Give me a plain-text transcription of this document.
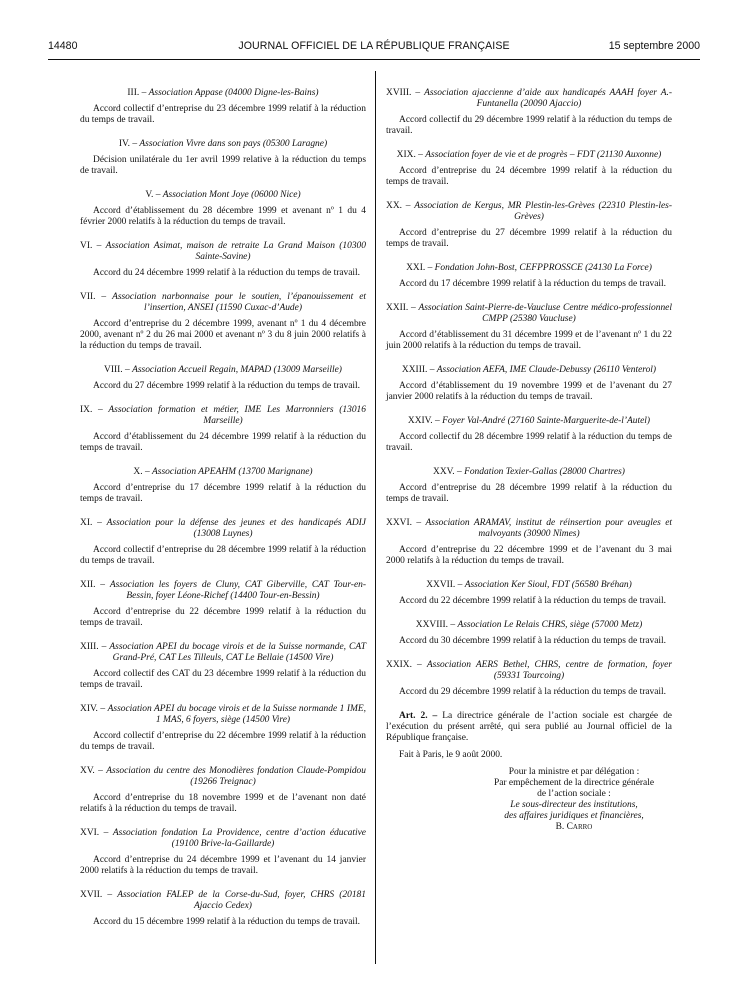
14480	JOURNAL OFFICIEL DE LA RÉPUBLIQUE FRANÇAISE	15 septembre 2000

III. – Association Appase (04000 Digne-les-Bains)

Accord collectif d’entreprise du 23 décembre 1999 relatif à la réduction du temps de travail.

IV. – Association Vivre dans son pays (05300 Laragne)

Décision unilatérale du 1er avril 1999 relative à la réduction du temps de travail.

V. – Association Mont Joye (06000 Nice)

Accord d’établissement du 28 décembre 1999 et avenant nº 1 du 4 février 2000 relatifs à la réduction du temps de travail.

VI. – Association Asimat, maison de retraite La Grand Maison (10300 Sainte-Savine)

Accord du 24 décembre 1999 relatif à la réduction du temps de travail.

VII. – Association narbonnaise pour le soutien, l’épanouissement et l’insertion, ANSEI (11590 Cuxac-d’Aude)

Accord d’entreprise du 2 décembre 1999, avenant nº 1 du 4 décembre 2000, avenant nº 2 du 26 mai 2000 et avenant nº 3 du 8 juin 2000 relatifs à la réduction du temps de travail.

VIII. – Association Accueil Regain, MAPAD (13009 Marseille)

Accord du 27 décembre 1999 relatif à la réduction du temps de travail.

IX. – Association formation et métier, IME Les Marronniers (13016 Marseille)

Accord d’établissement du 24 décembre 1999 relatif à la réduction du temps de travail.

X. – Association APEAHM (13700 Marignane)

Accord d’entreprise du 17 décembre 1999 relatif à la réduction du temps de travail.

XI. – Association pour la défense des jeunes et des handicapés ADIJ (13008 Luynes)

Accord collectif d’entreprise du 28 décembre 1999 relatif à la réduction du temps de travail.

XII. – Association les foyers de Cluny, CAT Giberville, CAT Tour-en-Bessin, foyer Léone-Richef (14400 Tour-en-Bessin)

Accord d’entreprise du 22 décembre 1999 relatif à la réduction du temps de travail.

XIII. – Association APEI du bocage virois et de la Suisse normande, CAT Grand-Pré, CAT Les Tilleuls, CAT Le Bellaie (14500 Vire)

Accord collectif des CAT du 23 décembre 1999 relatif à la réduction du temps de travail.

XIV. – Association APEI du bocage virois et de la Suisse normande 1 IME, 1 MAS, 6 foyers, siège (14500 Vire)

Accord collectif d’entreprise du 22 décembre 1999 relatif à la réduction du temps de travail.

XV. – Association du centre des Monodières fondation Claude-Pompidou (19266 Treignac)

Accord d’entreprise du 18 novembre 1999 et de l’avenant non daté relatifs à la réduction du temps de travail.

XVI. – Association fondation La Providence, centre d’action éducative (19100 Brive-la-Gaillarde)

Accord d’entreprise du 24 décembre 1999 et l’avenant du 14 janvier 2000 relatifs à la réduction du temps de travail.

XVII. – Association FALEP de la Corse-du-Sud, foyer, CHRS (20181 Ajaccio Cedex)

Accord du 15 décembre 1999 relatif à la réduction du temps de travail.

XVIII. – Association ajaccienne d’aide aux handicapés AAAH foyer A.-Funtanella (20090 Ajaccio)

Accord collectif du 29 décembre 1999 relatif à la réduction du temps de travail.

XIX. – Association foyer de vie et de progrès – FDT (21130 Auxonne)

Accord d’entreprise du 24 décembre 1999 relatif à la réduction du temps de travail.

XX. – Association de Kergus, MR Plestin-les-Grèves (22310 Plestin-les-Grèves)

Accord d’entreprise du 27 décembre 1999 relatif à la réduction du temps de travail.

XXI. – Fondation John-Bost, CEFPPROSSCE (24130 La Force)

Accord du 17 décembre 1999 relatif à la réduction du temps de travail.

XXII. – Association Saint-Pierre-de-Vaucluse Centre médico-professionnel CMPP (25380 Vaucluse)

Accord d’établissement du 31 décembre 1999 et de l’avenant nº 1 du 22 juin 2000 relatifs à la réduction du temps de travail.

XXIII. – Association AEFA, IME Claude-Debussy (26110 Venterol)

Accord d’établissement du 19 novembre 1999 et de l’avenant du 27 janvier 2000 relatifs à la réduction du temps de travail.

XXIV. – Foyer Val-André (27160 Sainte-Marguerite-de-l’Autel)

Accord collectif du 28 décembre 1999 relatif à la réduction du temps de travail.

XXV. – Fondation Texier-Gallas (28000 Chartres)

Accord d’entreprise du 28 décembre 1999 relatif à la réduction du temps de travail.

XXVI. – Association ARAMAV, institut de réinsertion pour aveugles et malvoyants (30900 Nîmes)

Accord d’entreprise du 22 décembre 1999 et de l’avenant du 3 mai 2000 relatifs à la réduction du temps de travail.

XXVII. – Association Ker Sioul, FDT (56580 Bréhan)

Accord du 22 décembre 1999 relatif à la réduction du temps de travail.

XXVIII. – Association Le Relais CHRS, siège (57000 Metz)

Accord du 30 décembre 1999 relatif à la réduction du temps de travail.

XXIX. – Association AERS Bethel, CHRS, centre de formation, foyer (59331 Tourcoing)

Accord du 29 décembre 1999 relatif à la réduction du temps de travail.

Art. 2. – La directrice générale de l’action sociale est chargée de l’exécution du présent arrêté, qui sera publié au Journal officiel de la République française.

Fait à Paris, le 9 août 2000.

Pour la ministre et par délégation :
Par empêchement de la directrice générale
de l’action sociale :
Le sous-directeur des institutions,
des affaires juridiques et financières,
B. Carro
